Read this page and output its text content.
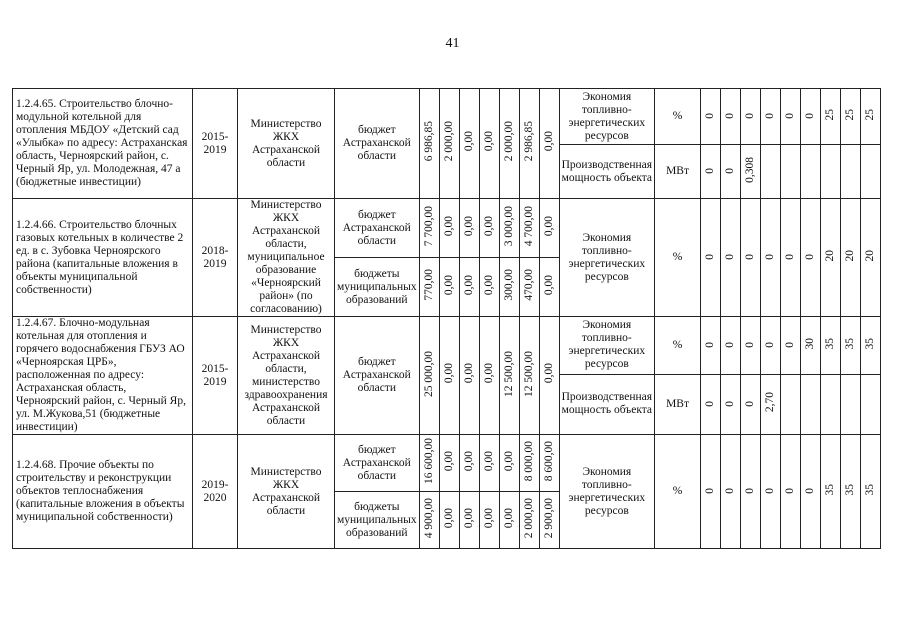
41
1.2.4.65. Строительство блочно-модульной котельной для отопления МБДОУ «Детский сад «Улыбка» по адресу: Астраханская область, Черноярский район, с. Черный Яр, ул. Молодежная, 47 а (бюджетные инвестиции)	2015-2019	Министерство ЖКХ Астраханской области	бюджет Астраханской области	6 986,85	2 000,00	0,00	0,00	2 000,00	2 986,85	0,00	Экономия топливно-энергетических ресурсов	%	0	0	0	0	0	0	25	25	25
											Производственная мощность объекта	МВт	0	0	0,308						
1.2.4.66. Строительство блочных газовых котельных в количестве 2 ед. в с. Зубовка Черноярского района (капитальные вложения в объекты муниципальной собственности)	2018-2019	Министерство ЖКХ Астраханской области, муниципальное образование «Черноярский район» (по согласованию)	бюджет Астраханской области	7 700,00	0,00	0,00	0,00	3 000,00	4 700,00	0,00	Экономия топливно-энергетических ресурсов	%	0	0	0	0	0	0	20	20	20
			бюджеты муниципальных образований	770,00	0,00	0,00	0,00	300,00	470,00	0,00											
1.2.4.67. Блочно-модульная котельная для отопления и горячего водоснабжения ГБУЗ АО «Черноярская ЦРБ», расположенная по адресу: Астраханская область, Черноярский район, с. Черный Яр, ул. М.Жукова,51 (бюджетные инвестиции)	2015-2019	Министерство ЖКХ Астраханской области, министерство здравоохранения Астраханской области	бюджет Астраханской области	25 000,00	0,00	0,00	0,00	12 500,00	12 500,00	0,00	Экономия топливно-энергетических ресурсов	%	0	0	0	0	0	30	35	35	35
											Производственная мощность объекта	МВт	0	0	0	2,70					
1.2.4.68. Прочие объекты по строительству и реконструкции объектов теплоснабжения (капитальные вложения в объекты муниципальной собственности)	2019-2020	Министерство ЖКХ Астраханской области	бюджет Астраханской области	16 600,00	0,00	0,00	0,00	0,00	8 000,00	8 600,00	Экономия топливно-энергетических ресурсов	%	0	0	0	0	0	0	35	35	35
			бюджеты муниципальных образований	4 900,00	0,00	0,00	0,00	0,00	2 000,00	2 900,00											
